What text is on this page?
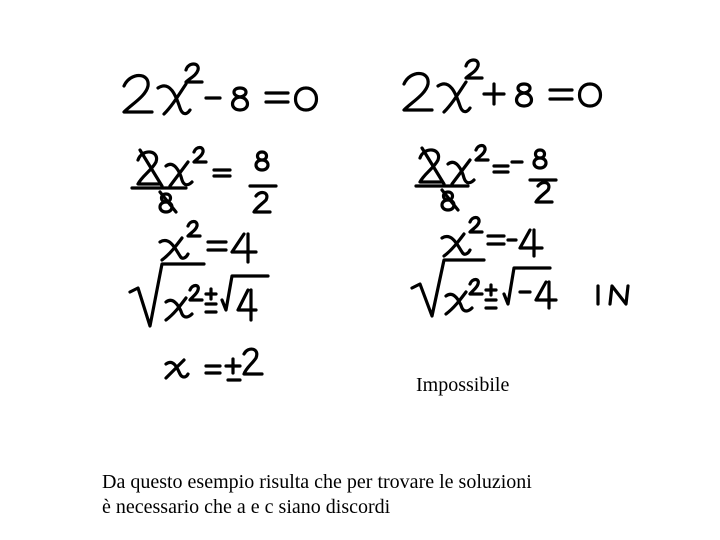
Impossibile
Da questo esempio risulta che per trovare le soluzioni
è necessario che a e c siano discordi
